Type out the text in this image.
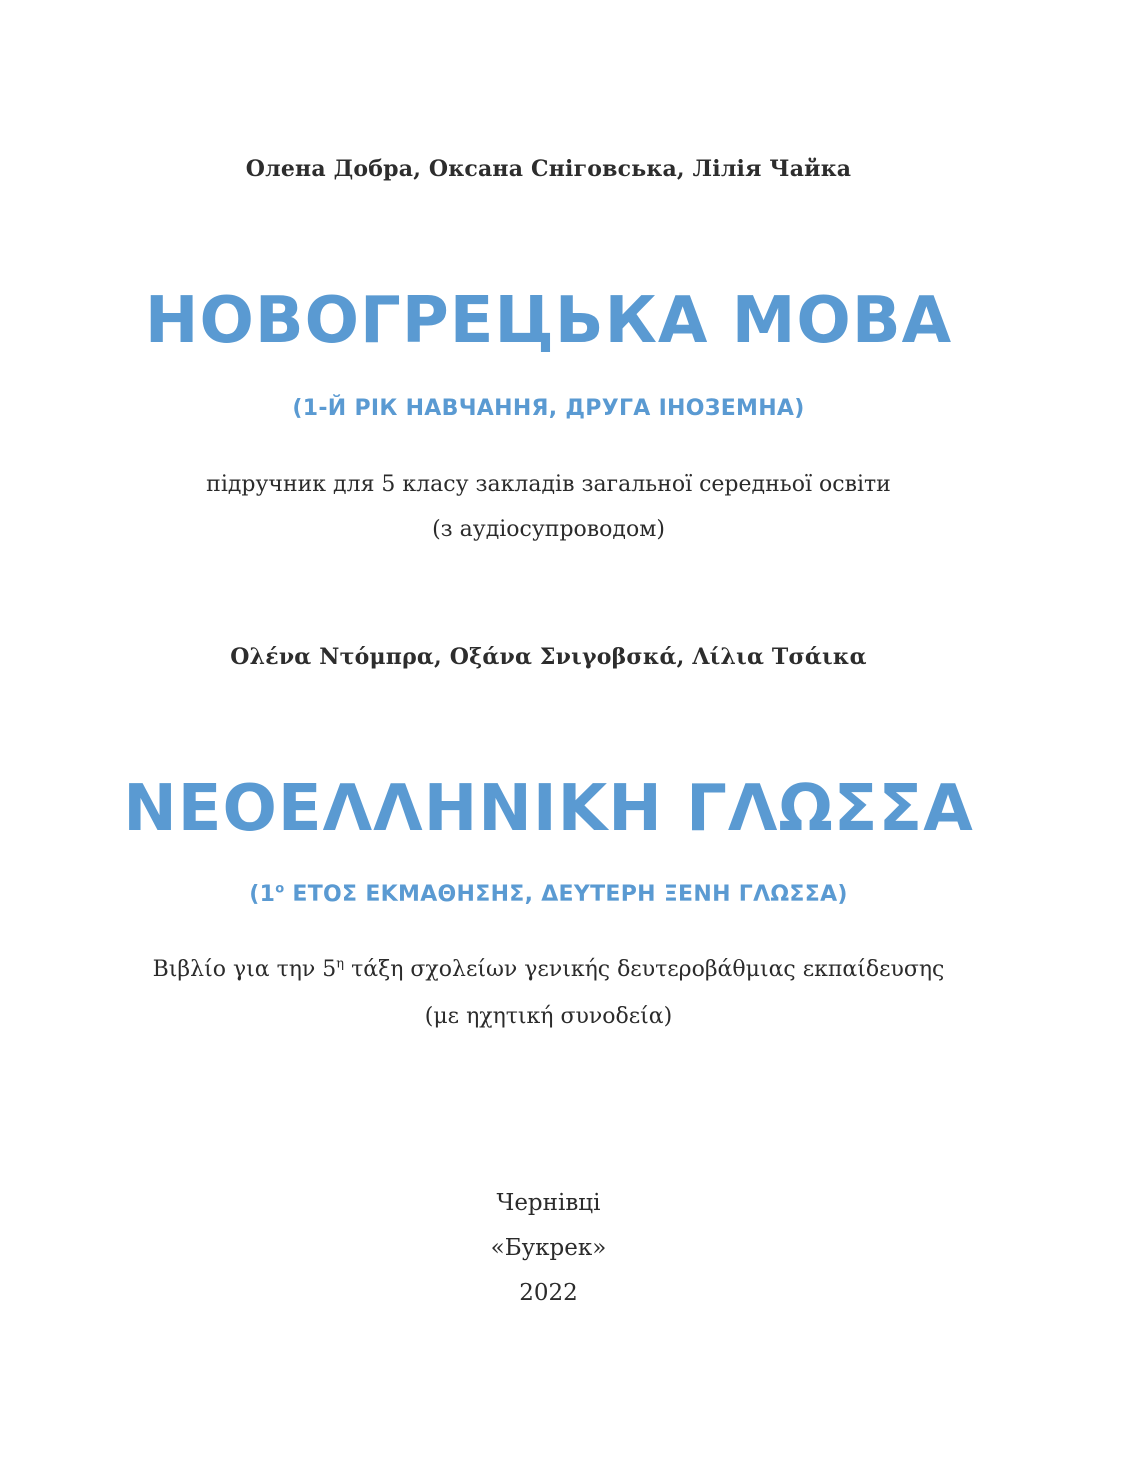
Олена Добра, Оксана Сніговська, Лілія Чайка
НОВОГРЕЦЬКА МОВА
(1-Й РІК НАВЧАННЯ, ДРУГА ІНОЗЕМНА)
підручник для 5 класу закладів загальної середньої освіти
(з аудіосупроводом)
Ολένα Ντόμπρα, Οξάνα Σνιγοβσκά, Λίλια Τσάικα
ΝΕΟΕΛΛΗΝΙΚΗ ΓΛΩΣΣΑ
($1^o$ ΕΤΟΣ ΕΚΜΑΘΗΣΗΣ, ΔΕΥΤΕΡΗ ΞΕΝΗ ΓΛΩΣΣΑ)
Βιβλίο για την $5^\eta$ τάξη σχολείων γενικής δευτεροβάθμιας εκπαίδευσης
(με ηχητική συνοδεία)
Чернівці
«Букрек»
2022
